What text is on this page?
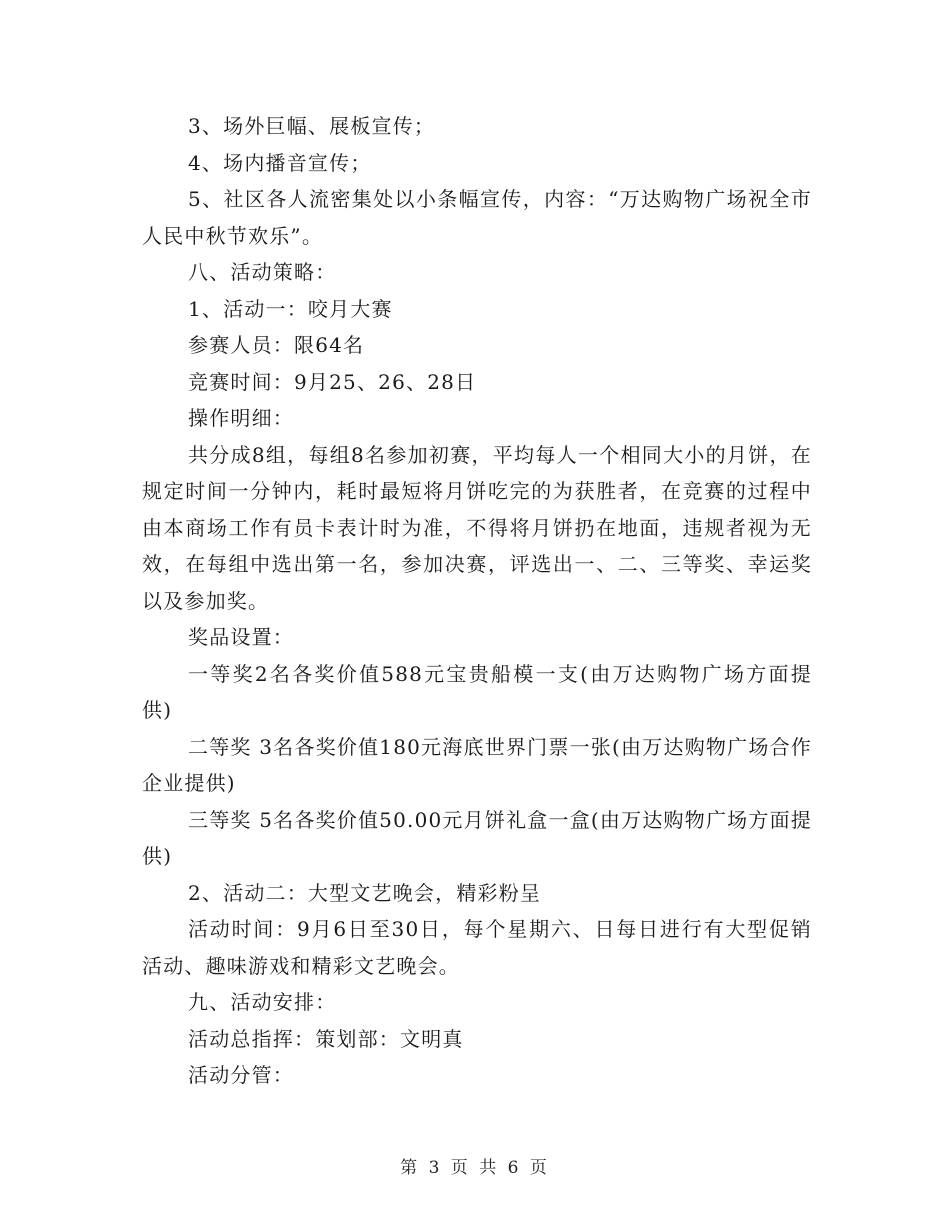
3、场外巨幅、展板宣传；

4、场内播音宣传；

5、社区各人流密集处以小条幅宣传，内容：“万达购物广场祝全市人民中秋节欢乐”。

八、活动策略：

1、活动一：咬月大赛

参赛人员：限64名

竞赛时间：9月25、26、28日

操作明细：

共分成8组，每组8名参加初赛，平均每人一个相同大小的月饼，在规定时间一分钟内，耗时最短将月饼吃完的为获胜者，在竞赛的过程中由本商场工作有员卡表计时为准，不得将月饼扔在地面，违规者视为无效，在每组中选出第一名，参加决赛，评选出一、二、三等奖、幸运奖以及参加奖。

奖品设置：

一等奖2名各奖价值588元宝贵船模一支(由万达购物广场方面提供)

二等奖 3名各奖价值180元海底世界门票一张(由万达购物广场合作企业提供)

三等奖 5名各奖价值50.00元月饼礼盒一盒(由万达购物广场方面提供)

2、活动二：大型文艺晚会，精彩粉呈

活动时间：9月6日至30日，每个星期六、日每日进行有大型促销活动、趣味游戏和精彩文艺晚会。

九、活动安排：

活动总指挥：策划部：文明真

活动分管：

第 3 页 共 6 页
